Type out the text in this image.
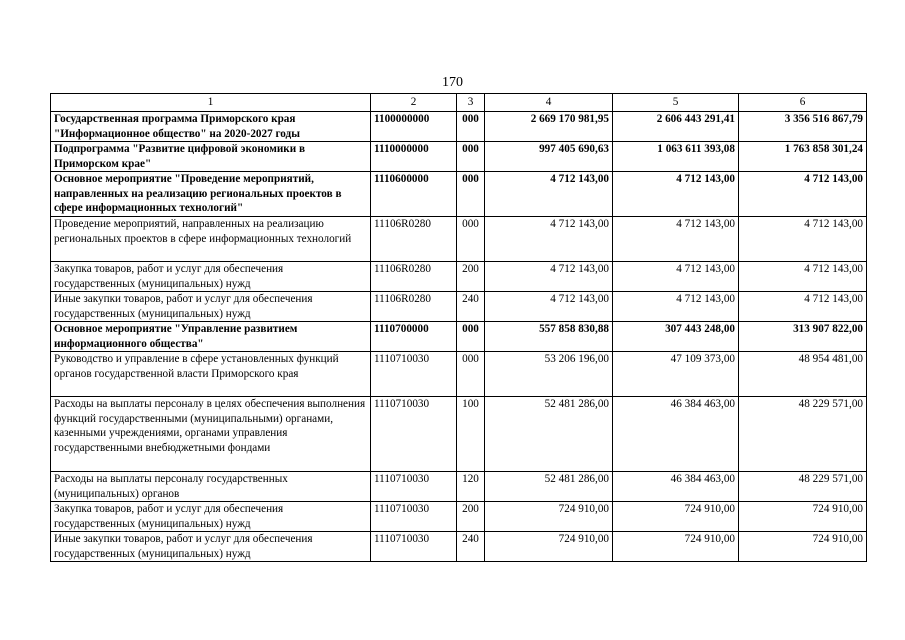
170
1	2	3	4	5	6
Государственная программа Приморского края "Информационное общество" на 2020-2027 годы	1100000000	000	2 669 170 981,95	2 606 443 291,41	3 356 516 867,79
Подпрограмма "Развитие цифровой экономики в Приморском крае"	1110000000	000	997 405 690,63	1 063 611 393,08	1 763 858 301,24
Основное мероприятие "Проведение мероприятий, направленных на реализацию региональных проектов в сфере информационных технологий"	1110600000	000	4 712 143,00	4 712 143,00	4 712 143,00
Проведение мероприятий, направленных на реализацию региональных проектов в сфере информационных технологий	11106R0280	000	4 712 143,00	4 712 143,00	4 712 143,00
Закупка товаров, работ и услуг для обеспечения государственных (муниципальных) нужд	11106R0280	200	4 712 143,00	4 712 143,00	4 712 143,00
Иные закупки товаров, работ и услуг для обеспечения государственных (муниципальных) нужд	11106R0280	240	4 712 143,00	4 712 143,00	4 712 143,00
Основное мероприятие "Управление развитием информационного общества"	1110700000	000	557 858 830,88	307 443 248,00	313 907 822,00
Руководство и управление в сфере установленных функций органов государственной власти Приморского края	1110710030	000	53 206 196,00	47 109 373,00	48 954 481,00
Расходы на выплаты персоналу в целях обеспечения выполнения функций государственными (муниципальными) органами, казенными учреждениями, органами управления государственными внебюджетными фондами	1110710030	100	52 481 286,00	46 384 463,00	48 229 571,00
Расходы на выплаты персоналу государственных (муниципальных) органов	1110710030	120	52 481 286,00	46 384 463,00	48 229 571,00
Закупка товаров, работ и услуг для обеспечения государственных (муниципальных) нужд	1110710030	200	724 910,00	724 910,00	724 910,00
Иные закупки товаров, работ и услуг для обеспечения государственных (муниципальных) нужд	1110710030	240	724 910,00	724 910,00	724 910,00
